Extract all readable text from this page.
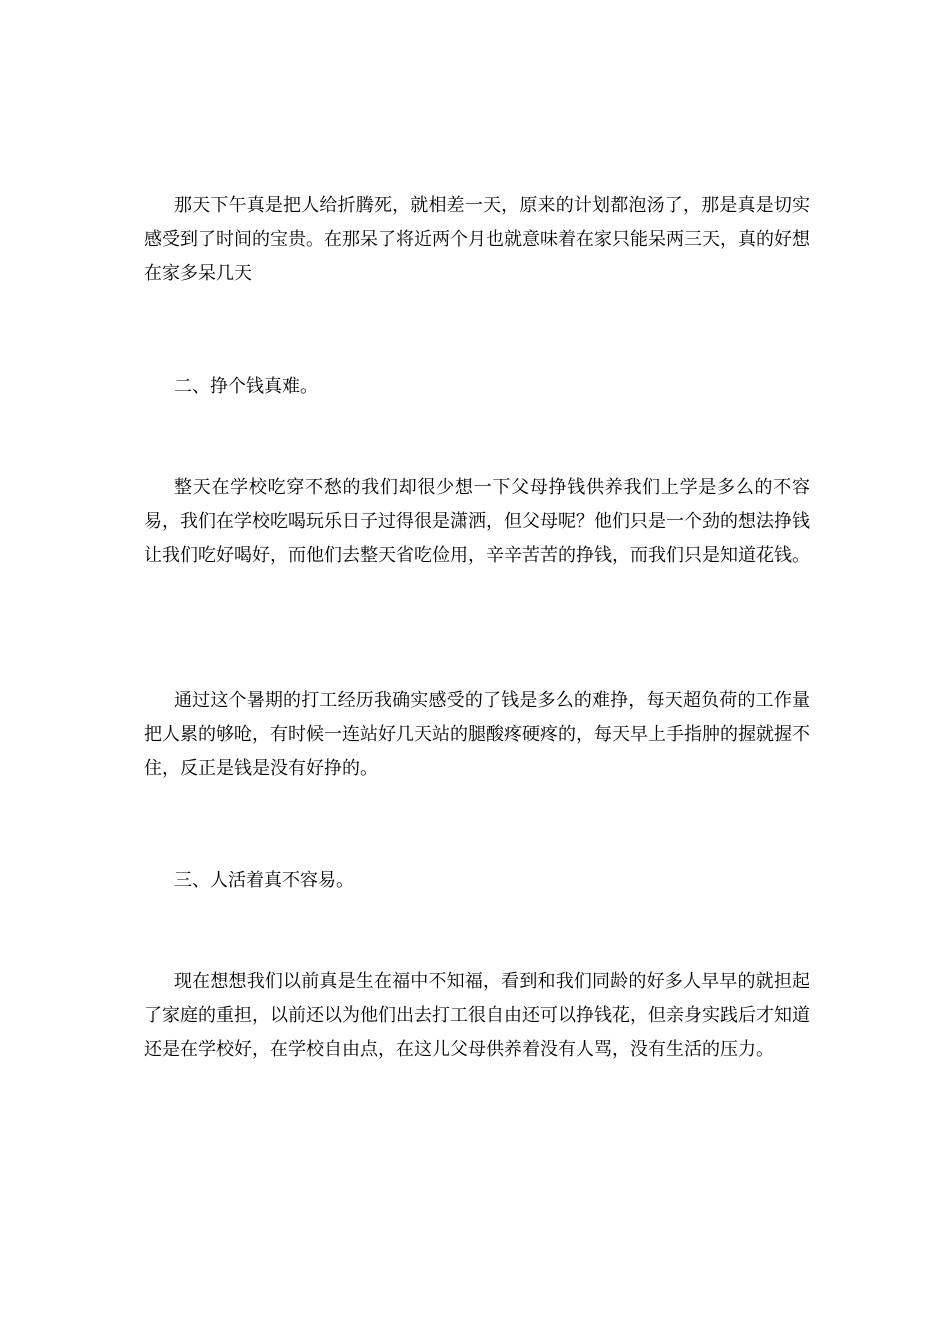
那天下午真是把人给折腾死，就相差一天，原来的计划都泡汤了，那是真是切实感受到了时间的宝贵。在那呆了将近两个月也就意味着在家只能呆两三天，真的好想在家多呆几天

二、挣个钱真难。

整天在学校吃穿不愁的我们却很少想一下父母挣钱供养我们上学是多么的不容易，我们在学校吃喝玩乐日子过得很是潇洒，但父母呢？他们只是一个劲的想法挣钱让我们吃好喝好，而他们去整天省吃俭用，辛辛苦苦的挣钱，而我们只是知道花钱。

通过这个暑期的打工经历我确实感受的了钱是多么的难挣，每天超负荷的工作量把人累的够呛，有时候一连站好几天站的腿酸疼硬疼的，每天早上手指肿的握就握不住，反正是钱是没有好挣的。

三、人活着真不容易。

现在想想我们以前真是生在福中不知福，看到和我们同龄的好多人早早的就担起了家庭的重担，以前还以为他们出去打工很自由还可以挣钱花，但亲身实践后才知道还是在学校好，在学校自由点，在这儿父母供养着没有人骂，没有生活的压力。
